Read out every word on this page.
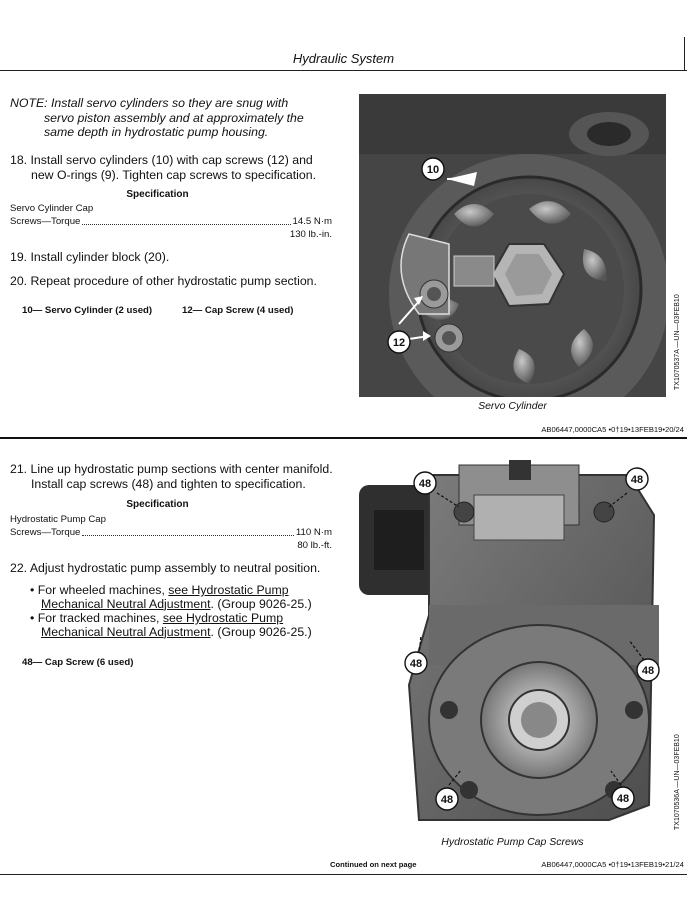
Hydraulic System
NOTE: Install servo cylinders so they are snug with
servo piston assembly and at approximately the
same depth in hydrostatic pump housing.
18. Install servo cylinders (10) with cap screws (12) and
new O-rings (9). Tighten cap screws to specification.
Specification
Servo Cylinder Cap
Screws—Torque	14.5 N·m
130 lb.-in.
19. Install cylinder block (20).
20. Repeat procedure of other hydrostatic pump section.
10— Servo Cylinder (2 used)	12— Cap Screw (4 used)
10
12
Servo Cylinder
TX1070537A —UN—03FEB10
AB06447,0000CA5 •0†19•13FEB19•20/24
21. Line up hydrostatic pump sections with center manifold.
Install cap screws (48) and tighten to specification.
Specification
Hydrostatic Pump Cap
Screws—Torque	110 N·m
80 lb.-ft.
22. Adjust hydrostatic pump assembly to neutral position.
• For wheeled machines, see Hydrostatic Pump
Mechanical Neutral Adjustment. (Group 9026-25.)
• For tracked machines, see Hydrostatic Pump
Mechanical Neutral Adjustment. (Group 9026-25.)
48— Cap Screw (6 used)
48	48
48
48
48	48
Hydrostatic Pump Cap Screws
TX1070536A —UN—03FEB10
Continued on next page	AB06447,0000CA5 •0†19•13FEB19•21/24
